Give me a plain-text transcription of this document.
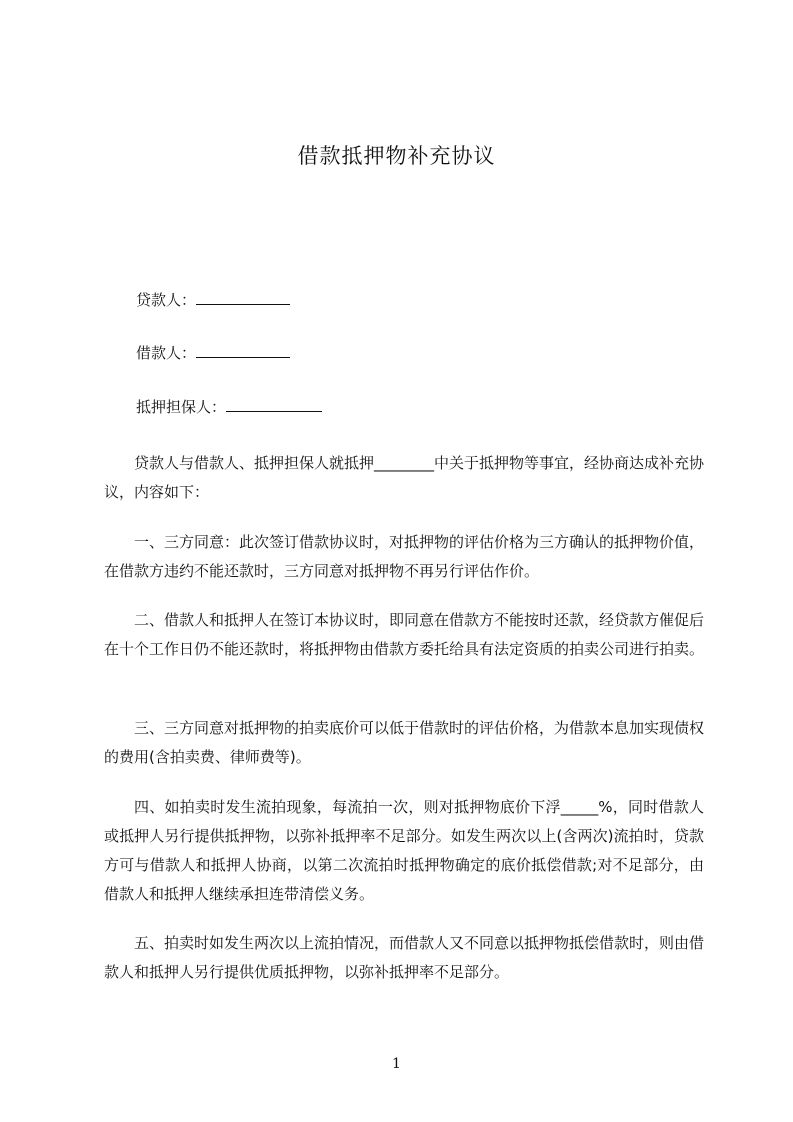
借款抵押物补充协议
贷款人：
借款人：
抵押担保人：

贷款人与借款人、抵押担保人就抵押________中关于抵押物等事宜，经协商达成补充协议，内容如下：

一、三方同意：此次签订借款协议时，对抵押物的评估价格为三方确认的抵押物价值，在借款方违约不能还款时，三方同意对抵押物不再另行评估作价。

二、借款人和抵押人在签订本协议时，即同意在借款方不能按时还款，经贷款方催促后在十个工作日仍不能还款时，将抵押物由借款方委托给具有法定资质的拍卖公司进行拍卖。

三、三方同意对抵押物的拍卖底价可以低于借款时的评估价格，为借款本息加实现债权的费用(含拍卖费、律师费等)。

四、如拍卖时发生流拍现象，每流拍一次，则对抵押物底价下浮_____%，同时借款人或抵押人另行提供抵押物，以弥补抵押率不足部分。如发生两次以上(含两次)流拍时，贷款方可与借款人和抵押人协商，以第二次流拍时抵押物确定的底价抵偿借款;对不足部分，由借款人和抵押人继续承担连带清偿义务。

五、拍卖时如发生两次以上流拍情况，而借款人又不同意以抵押物抵偿借款时，则由借款人和抵押人另行提供优质抵押物，以弥补抵押率不足部分。

1
